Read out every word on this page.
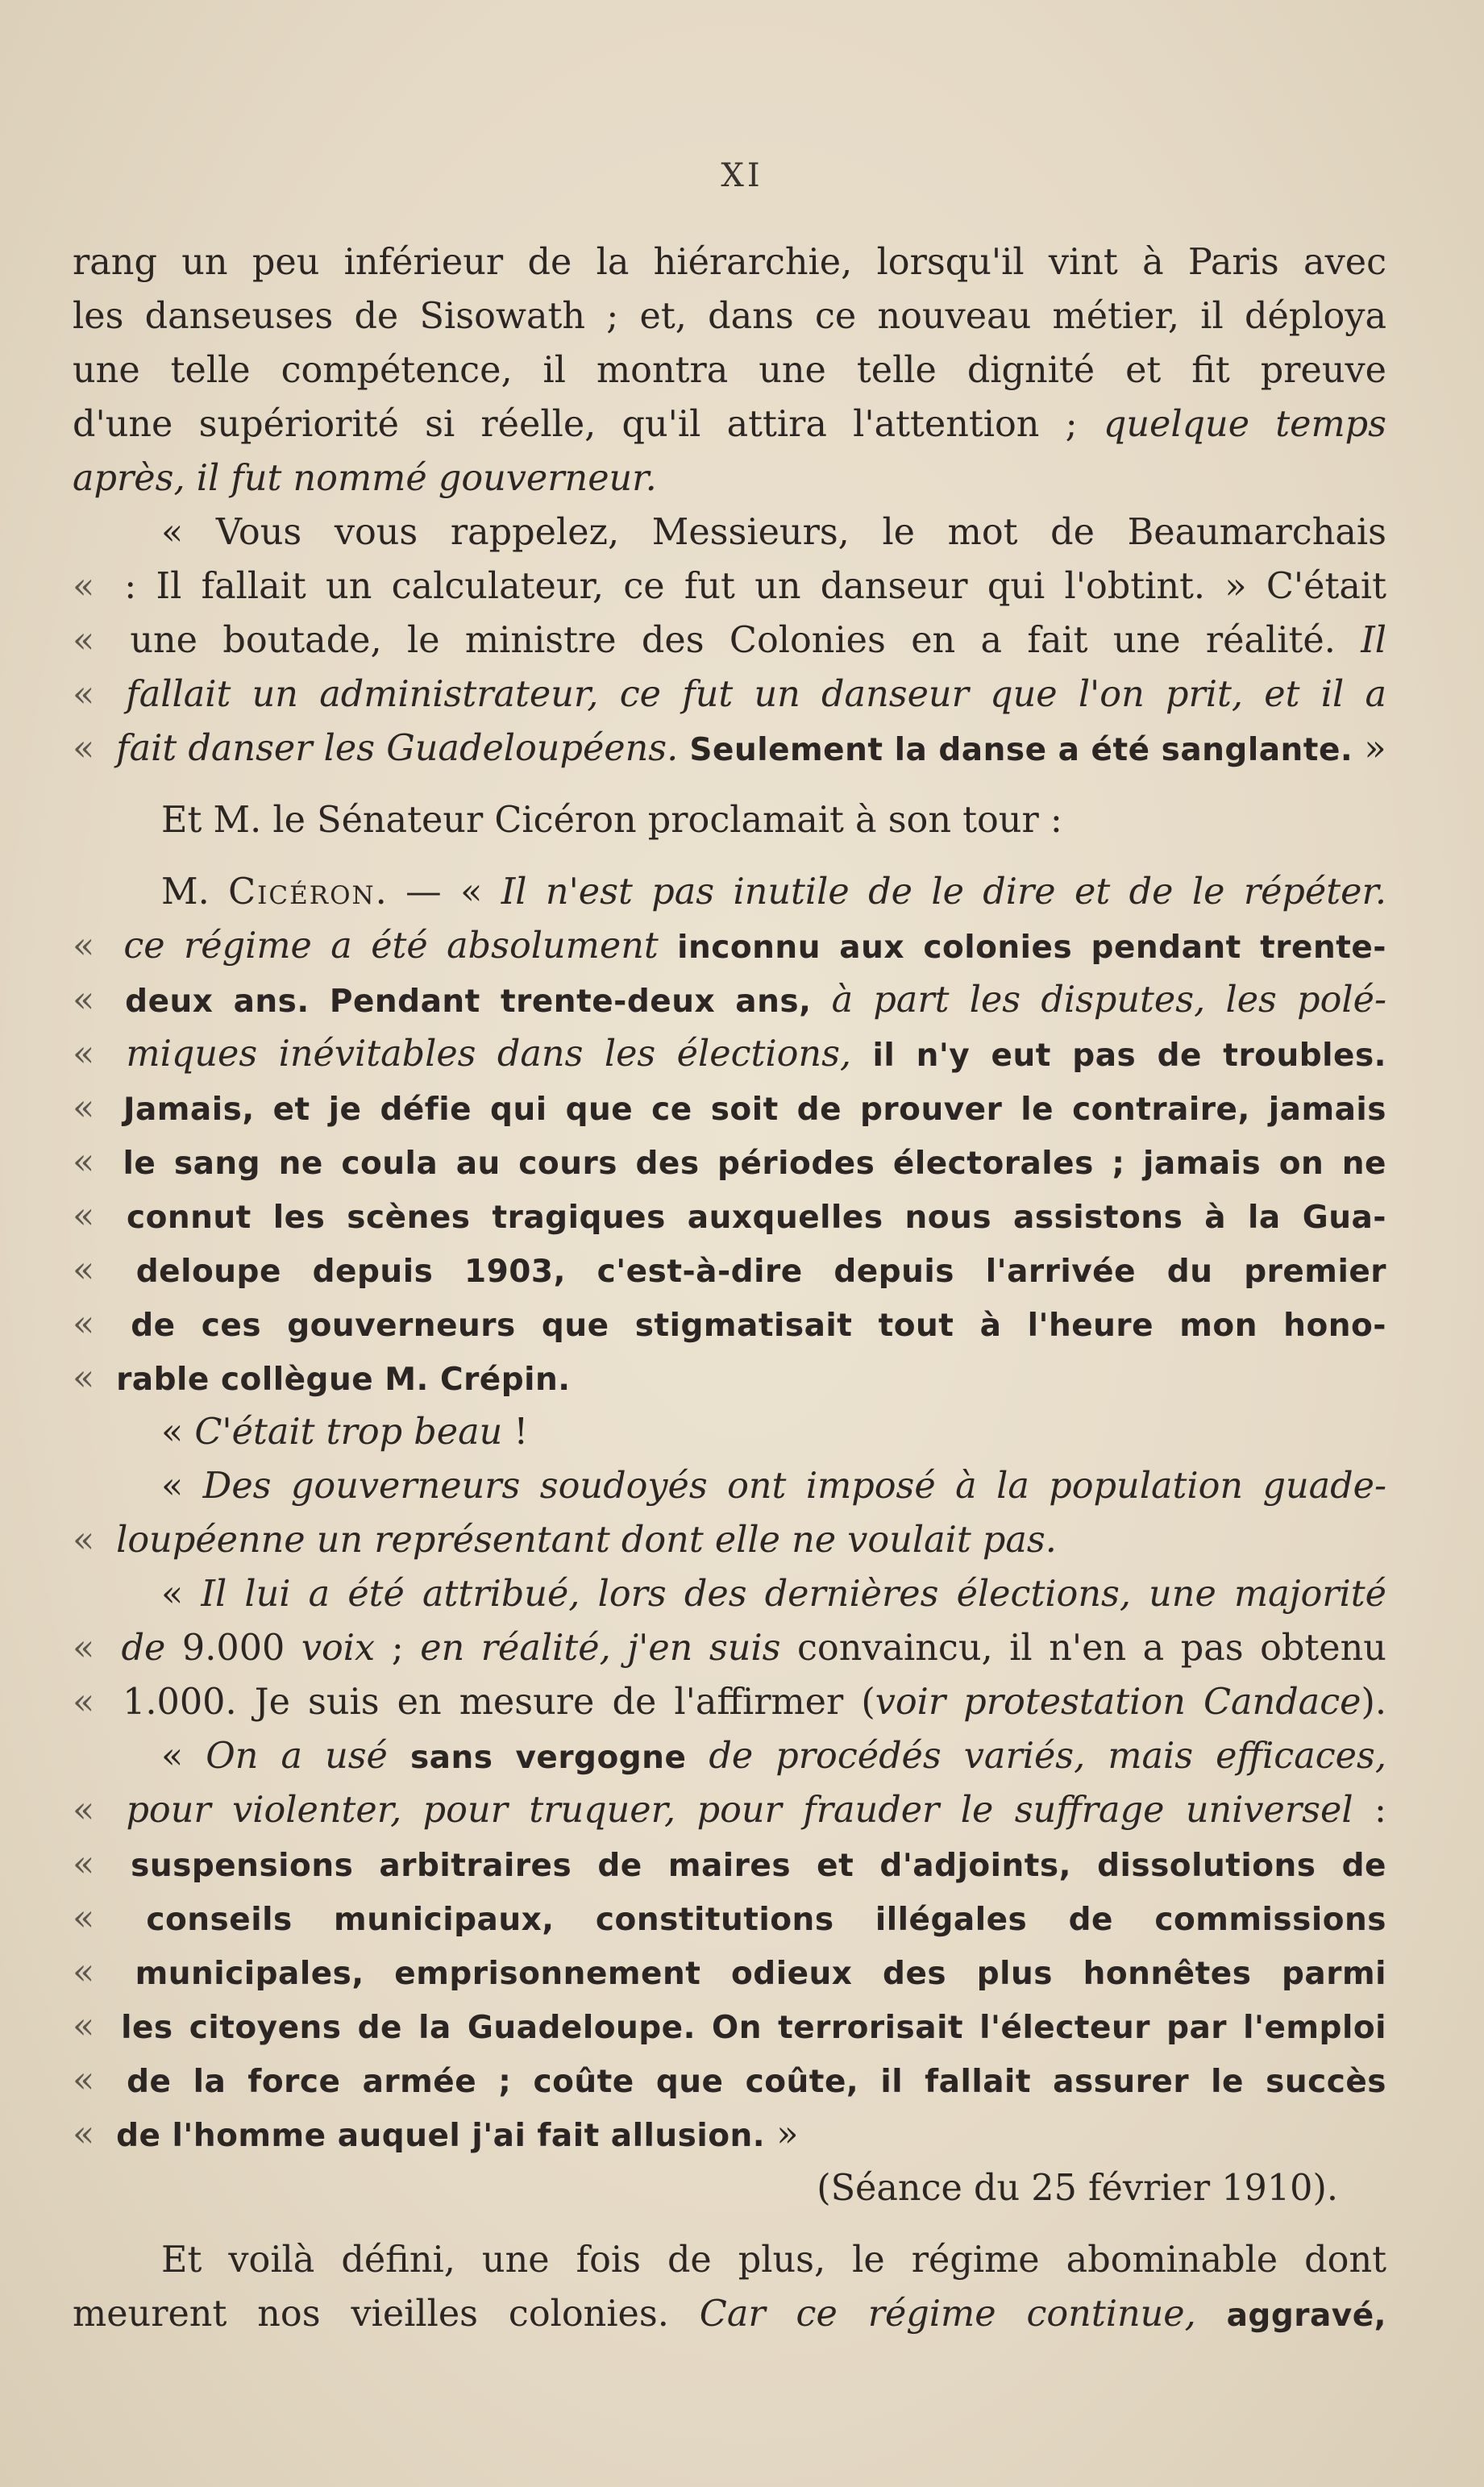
XI
rang un peu inférieur de la hiérarchie, lorsqu'il vint à Paris avec
les danseuses de Sisowath ; et, dans ce nouveau métier, il déploya
une telle compétence, il montra une telle dignité et fit preuve
d'une supériorité si réelle, qu'il attira l'attention ; quelque temps
après, il fut nommé gouverneur.
« Vous vous rappelez, Messieurs, le mot de Beaumarchais
« : Il fallait un calculateur, ce fut un danseur qui l'obtint. » C'était
« une boutade, le ministre des Colonies en a fait une réalité. Il
« fallait un administrateur, ce fut un danseur que l'on prit, et il a
« fait danser les Guadeloupéens. Seulement la danse a été sanglante. »
Et M. le Sénateur Cicéron proclamait à son tour :
M. Cicéron. — « Il n'est pas inutile de le dire et de le répéter.
« ce régime a été absolument inconnu aux colonies pendant trente-
« deux ans. Pendant trente-deux ans, à part les disputes, les polé-
« miques inévitables dans les élections, il n'y eut pas de troubles.
« Jamais, et je défie qui que ce soit de prouver le contraire, jamais
« le sang ne coula au cours des périodes électorales ; jamais on ne
« connut les scènes tragiques auxquelles nous assistons à la Gua-
« deloupe depuis 1903, c'est-à-dire depuis l'arrivée du premier
« de ces gouverneurs que stigmatisait tout à l'heure mon hono-
« rable collègue M. Crépin.
« C'était trop beau !
« Des gouverneurs soudoyés ont imposé à la population guade-
« loupéenne un représentant dont elle ne voulait pas.
« Il lui a été attribué, lors des dernières élections, une majorité
« de 9.000 voix ; en réalité, j'en suis convaincu, il n'en a pas obtenu
« 1.000. Je suis en mesure de l'affirmer (voir protestation Candace).
« On a usé sans vergogne de procédés variés, mais efficaces,
« pour violenter, pour truquer, pour frauder le suffrage universel :
« suspensions arbitraires de maires et d'adjoints, dissolutions de
« conseils municipaux, constitutions illégales de commissions
« municipales, emprisonnement odieux des plus honnêtes parmi
« les citoyens de la Guadeloupe. On terrorisait l'électeur par l'emploi
« de la force armée ; coûte que coûte, il fallait assurer le succès
« de l'homme auquel j'ai fait allusion. »
(Séance du 25 février 1910).
Et voilà défini, une fois de plus, le régime abominable dont
meurent nos vieilles colonies. Car ce régime continue, aggravé,
